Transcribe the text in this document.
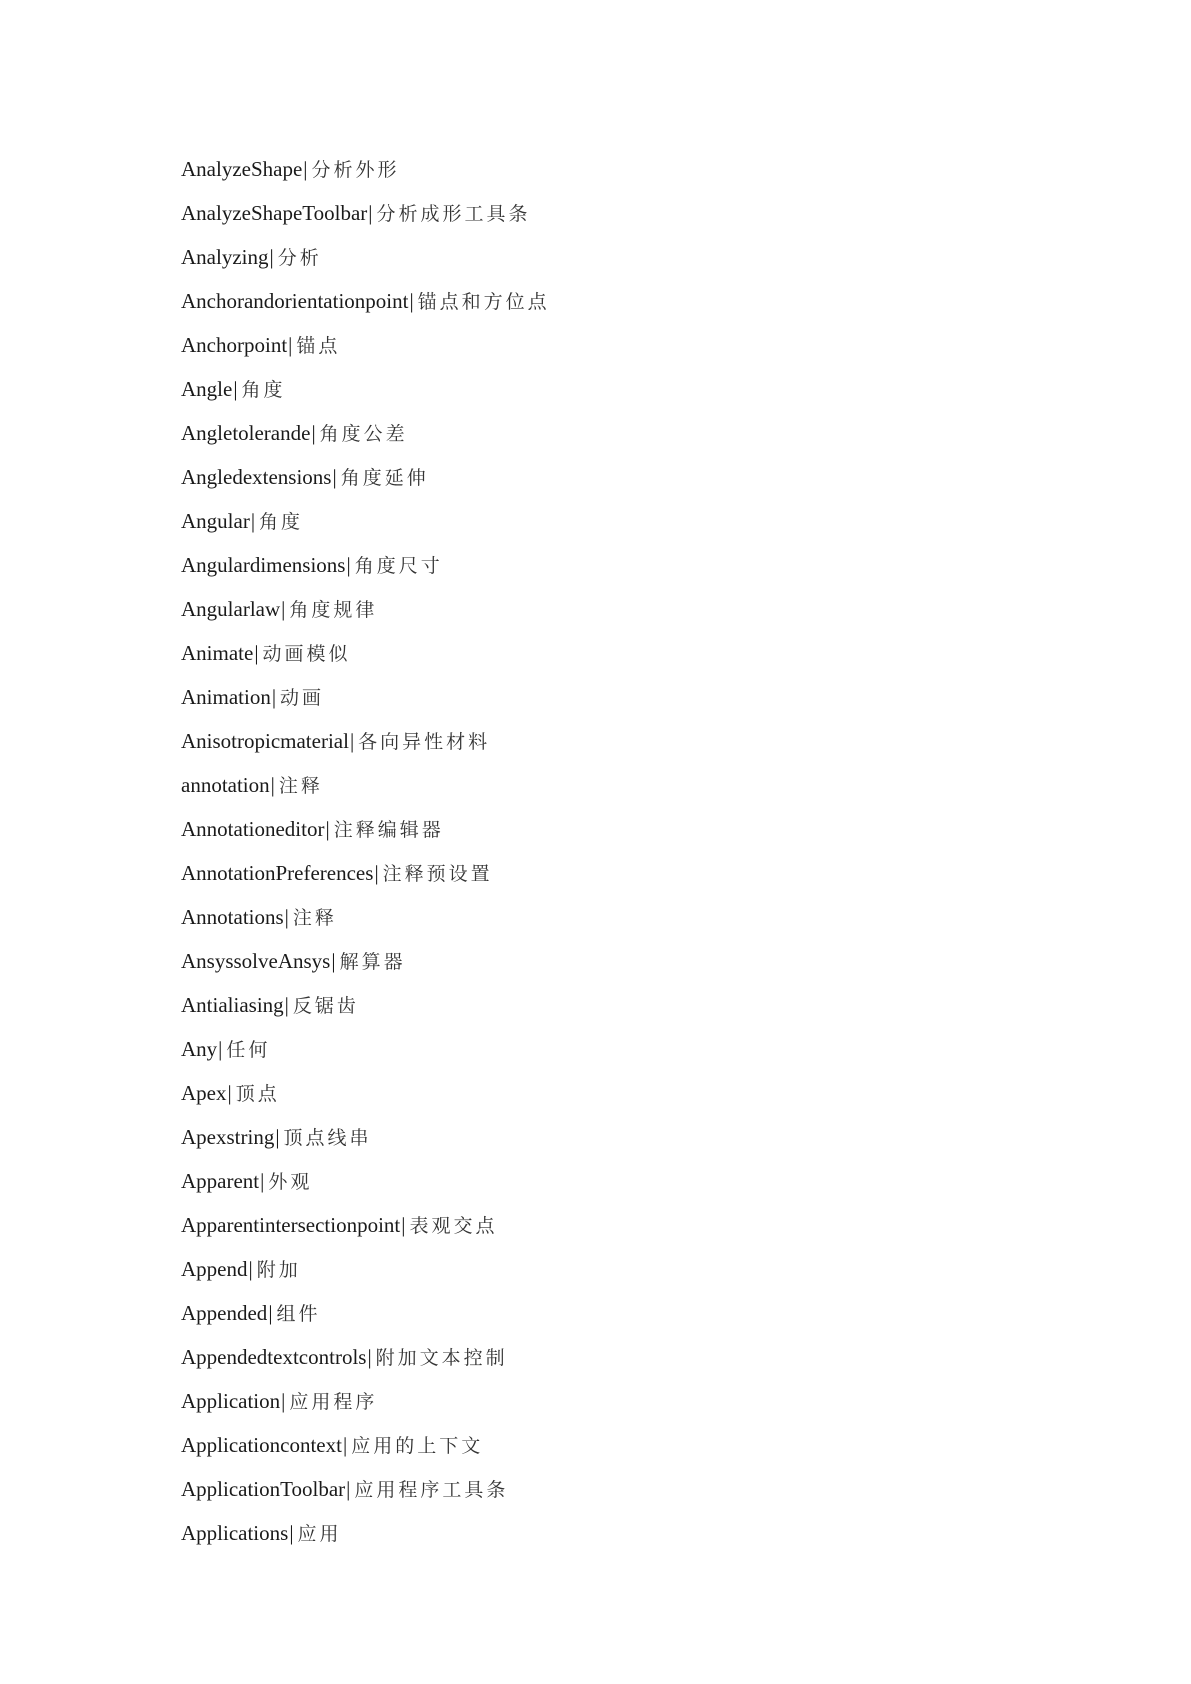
AnalyzeShape| 分析外形
AnalyzeShapeToolbar| 分析成形工具条
Analyzing| 分析
Anchorandorientationpoint| 锚点和方位点
Anchorpoint| 锚点
Angle| 角度
Angletolerande| 角度公差
Angledextensions| 角度延伸
Angular| 角度
Angulardimensions| 角度尺寸
Angularlaw| 角度规律
Animate| 动画模似
Animation| 动画
Anisotropicmaterial| 各向异性材料
annotation| 注释
Annotationeditor| 注释编辑器
AnnotationPreferences| 注释预设置
Annotations| 注释
AnsyssolveAnsys| 解算器
Antialiasing| 反锯齿
Any| 任何
Apex| 顶点
Apexstring| 顶点线串
Apparent| 外观
Apparentintersectionpoint| 表观交点
Append| 附加
Appended| 组件
Appendedtextcontrols| 附加文本控制
Application| 应用程序
Applicationcontext| 应用的上下文
ApplicationToolbar| 应用程序工具条
Applications| 应用
